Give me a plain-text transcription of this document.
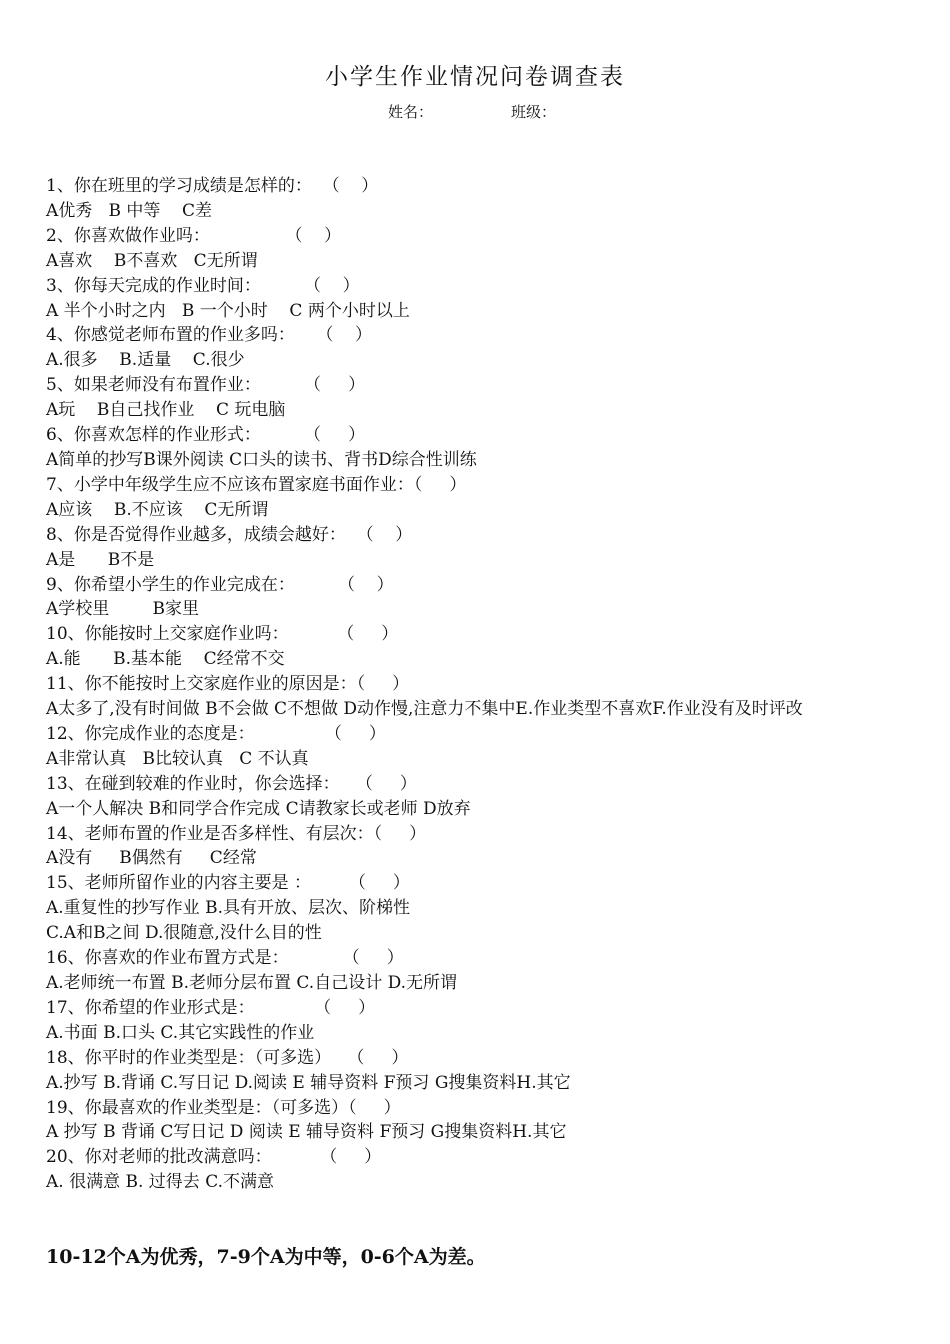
小学生作业情况问卷调查表
姓名：	班级：
1、你在班里的学习成绩是怎样的：  （    ）
A优秀   B 中等    C差
2、你喜欢做作业吗：              （    ）
A喜欢    B不喜欢   C无所谓
3、你每天完成的作业时间：        （    ）
A 半个小时之内   B 一个小时    C 两个小时以上
4、你感觉老师布置的作业多吗：    （    ）
A.很多    B.适量    C.很少
5、如果老师没有布置作业：        （     ）
A玩    B自己找作业    C 玩电脑
6、你喜欢怎样的作业形式：        （     ）
A简单的抄写B课外阅读 C口头的读书、背书D综合性训练
7、小学中年级学生应不应该布置家庭书面作业：（     ）
A应该    B.不应该    C无所谓
8、你是否觉得作业越多，成绩会越好：  （    ）
A是      B不是
9、你希望小学生的作业完成在：        （    ）
A学校里        B家里
10、你能按时上交家庭作业吗：         （     ）
A.能      B.基本能    C经常不交
11、你不能按时上交家庭作业的原因是：（     ）
A太多了,没有时间做 B不会做 C不想做 D动作慢,注意力不集中E.作业类型不喜欢F.作业没有及时评改
12、你完成作业的态度是：             （     ）
A非常认真   B比较认真   C 不认真
13、在碰到较难的作业时，你会选择：   （     ）
A一个人解决 B和同学合作完成 C请教家长或老师 D放弃
14、老师布置的作业是否多样性、有层次：（     ）
A没有     B偶然有     C经常
15、老师所留作业的内容主要是 ：       （     ）
A.重复性的抄写作业 B.具有开放、层次、阶梯性
C.A和B之间 D.很随意,没什么目的性
16、你喜欢的作业布置方式是：          （     ）
A.老师统一布置 B.老师分层布置 C.自己设计 D.无所谓
17、你希望的作业形式是：           （     ）
A.书面 B.口头 C.其它实践性的作业
18、你平时的作业类型是：（可多选）   （     ）
A.抄写 B.背诵 C.写日记 D.阅读 E 辅导资料 F预习 G搜集资料H.其它
19、你最喜欢的作业类型是：（可多选）（     ）
A 抄写 B 背诵 C写日记 D 阅读 E 辅导资料 F预习 G搜集资料H.其它
20、你对老师的批改满意吗：         （     ）
A. 很满意 B. 过得去 C.不满意

10-12个A为优秀，7-9个A为中等，0-6个A为差。
